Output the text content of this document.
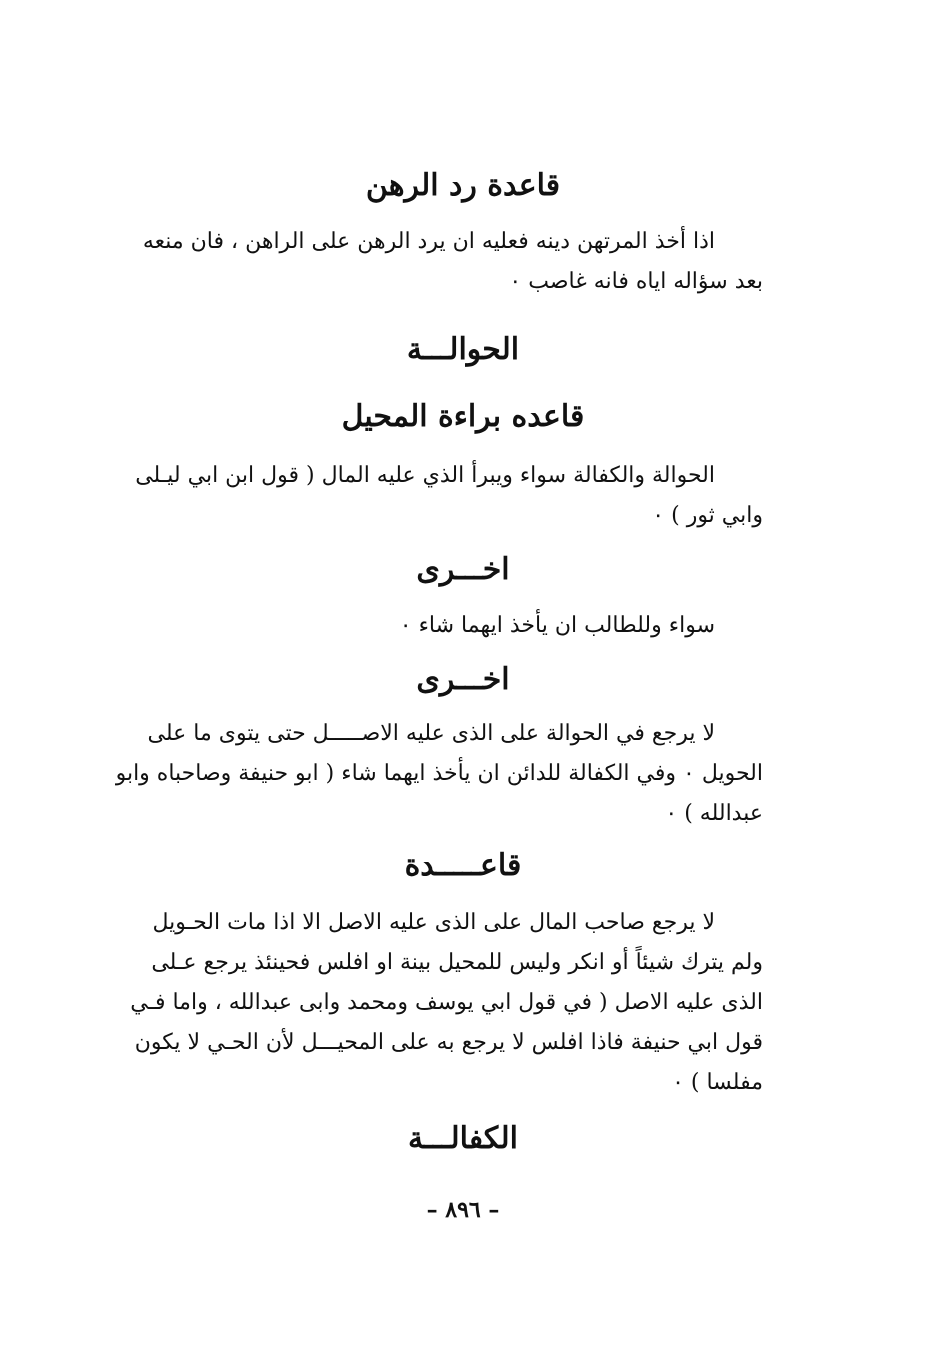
قاعدة رد الرهن
اذا أخذ المرتهن دينه فعليه ان يرد الرهن على الراهن ، فان منعه
بعد سؤاله اياه فانه غاصب ٠
الحوالـــة
قاعده براءة المحيل
الحوالة والكفالة سواء ويبرأ الذي عليه المال ( قول ابن ابي ليـلى
وابي ثور ) ٠
اخـــرى
سواء وللطالب ان يأخذ ايهما شاء ٠
اخـــرى
لا يرجع في الحوالة على الذى عليه الاصـــــل حتى يتوى ما على
الحويل ٠ وفي الكفالة للدائن ان يأخذ ايهما شاء ( ابو حنيفة وصاحباه وابو
عبدالله ) ٠
قاعـــــدة
لا يرجع صاحب المال على الذى عليه الاصل الا اذا مات الحـويل
ولم يترك شيئاً أو انكر وليس للمحيل بينة او افلس فحينئذ يرجع عـلى
الذى عليه الاصل ( في قول ابي يوسف ومحمد وابى عبدالله ، واما فـي
قول ابي حنيفة فاذا افلس لا يرجع به على المحيـــل لأن الحـي لا يكون
مفلسا ) ٠
الكفالـــة
– ٨٩٦ –
